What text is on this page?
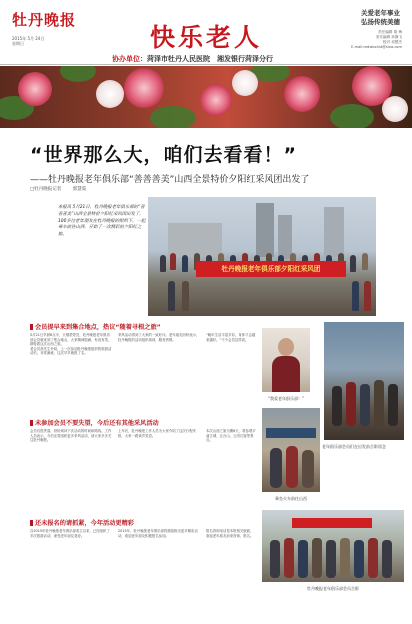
牡丹晚报
2015年 5月 24日
星期日	快乐老人
关爱老年事业
弘扬传统美德
责任编辑 胡 梅
美术编辑 孙静飞
校对 邓慧杰
E-mail:mdwbxhst@sina.com
协办单位：菏泽市牡丹人民医院　湘发银行菏泽分行
“世界那么大，咱们去看看！”
——牡丹晚报老年俱乐部“善善善美”山西全景特价夕阳红采风团出发了
□牡丹晚报记者	郭慧茹
本报讯 5月21日，牡丹晚报老年俱乐部的“善善善美”山西全景特价夕阳红采风团出发了，100多位老年朋友在牡丹晚报的组织下，一起乘车前往山西，开始了一次精彩的夕阳红之旅。
牡丹晚报老年俱乐部夕阳红采风团
会员提早来到集合地点，热议“随着寻根之旅”
5月21日早晨6点半，天刚蒙蒙亮，牡丹晚报老年俱乐部会员就来到了集合地点，大家精神饱满，有说有笑，期待着这次山西之旅。
老会员高先生介绍，上一次参加牡丹晚报组织的旅游活动后，非常满意，这次早早就报了名。
采风活动得到了大家的一致好评。老年朋友纷纷表示，牡丹晚报的活动组织周到，服务热情。
“晚年生活丰富多彩，身体才会越来越好。”不少会员这样说。
“我爱老年俱乐部！”
老年俱乐部会员们在出发前合影留念
未参加会员不要失望，今后还有其他采风活动
会员们很羡慕，纷纷询问下次活动的时间和路线。工作人员表示，今后还将组织更多采风活动，请大家多多关注牡丹晚报。
上车后，牡丹晚报工作人员为大家介绍了这次行程安排，大家一路欢声笑语。
本次山西之旅为期6天，将参观平遥古城、五台山、云冈石窟等景点。
乘坐火车前往山西
还未报名的请抓紧，今年活动更精彩
自2015年牡丹晚报老年俱乐部成立以来，已经组织了多次旅游活动，深受老年朋友喜爱。
2015年，牡丹晚报老年俱乐部将继续推出更多精彩活动，欢迎老年朋友积极报名参加。
报名咨询电话见本报相关版面，欢迎老年朋友前来咨询、报名。
牡丹晚报老年俱乐部会员合影
